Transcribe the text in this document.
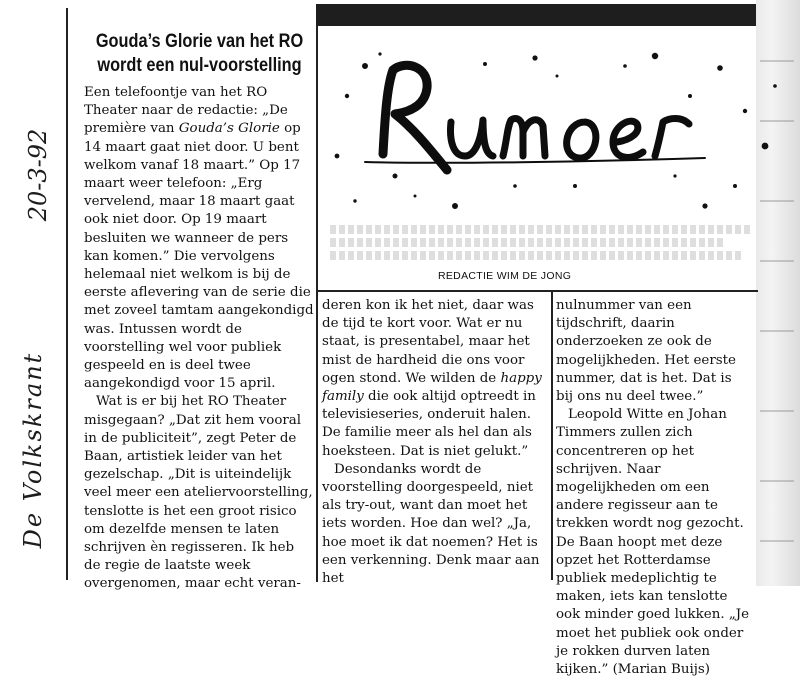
20-3-92
De Volkskrant
Gouda’s Glorie van het RO
wordt een nul-voorstelling

Een telefoontje van het RO Theater naar de redactie: „De première van Gouda’s Glorie op 14 maart gaat niet door. U bent welkom vanaf 18 maart.” Op 17 maart weer telefoon: „Erg vervelend, maar 18 maart gaat ook niet door. Op 19 maart besluiten we wanneer de pers kan komen.” Die vervolgens helemaal niet welkom is bij de eerste aflevering van de serie die met zoveel tamtam aangekondigd was. Intussen wordt de voorstelling wel voor publiek gespeeld en is deel twee aangekondigd voor 15 april.

Wat is er bij het RO Theater misgegaan? „Dat zit hem vooral in de publiciteit”, zegt Peter de Baan, artistiek leider van het gezelschap. „Dit is uiteindelijk veel meer een ateliervoorstelling, tenslotte is het een groot risico om dezelfde mensen te laten schrijven èn regisseren. Ik heb de regie de laatste week overgenomen, maar echt veran-

Rumoer
REDACTIE WIM DE JONG

deren kon ik het niet, daar was de tijd te kort voor. Wat er nu staat, is presentabel, maar het mist de hardheid die ons voor ogen stond. We wilden de happy family die ook altijd optreedt in televisieseries, onderuit halen. De familie meer als hel dan als hoeksteen. Dat is niet gelukt.”

Desondanks wordt de voorstelling doorgespeeld, niet als try-out, want dan moet het iets worden. Hoe dan wel? „Ja, hoe moet ik dat noemen? Het is een verkenning. Denk maar aan het

nulnummer van een tijdschrift, daarin onderzoeken ze ook de mogelijkheden. Het eerste nummer, dat is het. Dat is bij ons nu deel twee.”

Leopold Witte en Johan Timmers zullen zich concentreren op het schrijven. Naar mogelijkheden om een andere regisseur aan te trekken wordt nog gezocht. De Baan hoopt met deze opzet het Rotterdamse publiek medeplichtig te maken, iets kan tenslotte ook minder goed lukken. „Je moet het publiek ook onder je rokken durven laten kijken.” (Marian Buijs)
